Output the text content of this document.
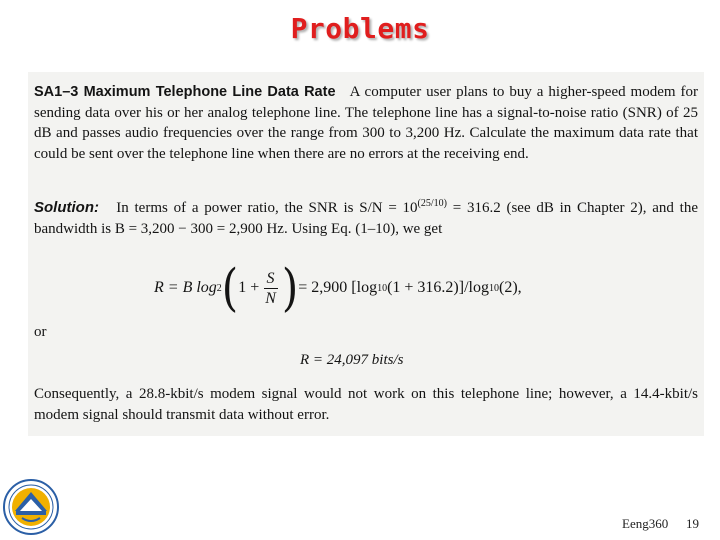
Problems
SA1–3 Maximum Telephone Line Data Rate A computer user plans to buy a higher-speed modem for sending data over his or her analog telephone line. The telephone line has a signal-to-noise ratio (SNR) of 25 dB and passes audio frequencies over the range from 300 to 3,200 Hz. Calculate the maximum data rate that could be sent over the telephone line when there are no errors at the receiving end.
Solution: In terms of a power ratio, the SNR is $S/N = 10^{(25/10)} = 316.2$ (see dB in Chapter 2), and the bandwidth is B = 3,200 − 300 = 2,900 Hz. Using Eq. (1–10), we get
R = B log 2 ( $1 + \frac{S}{N}$ ) = 2,900 [log 10 (1 + 316.2)]/log 10 (2),
or
R = 24,097 bits/s
Consequently, a 28.8-kbit/s modem signal would not work on this telephone line; however, a 14.4-kbit/s modem signal should transmit data without error.
Eeng360 19
